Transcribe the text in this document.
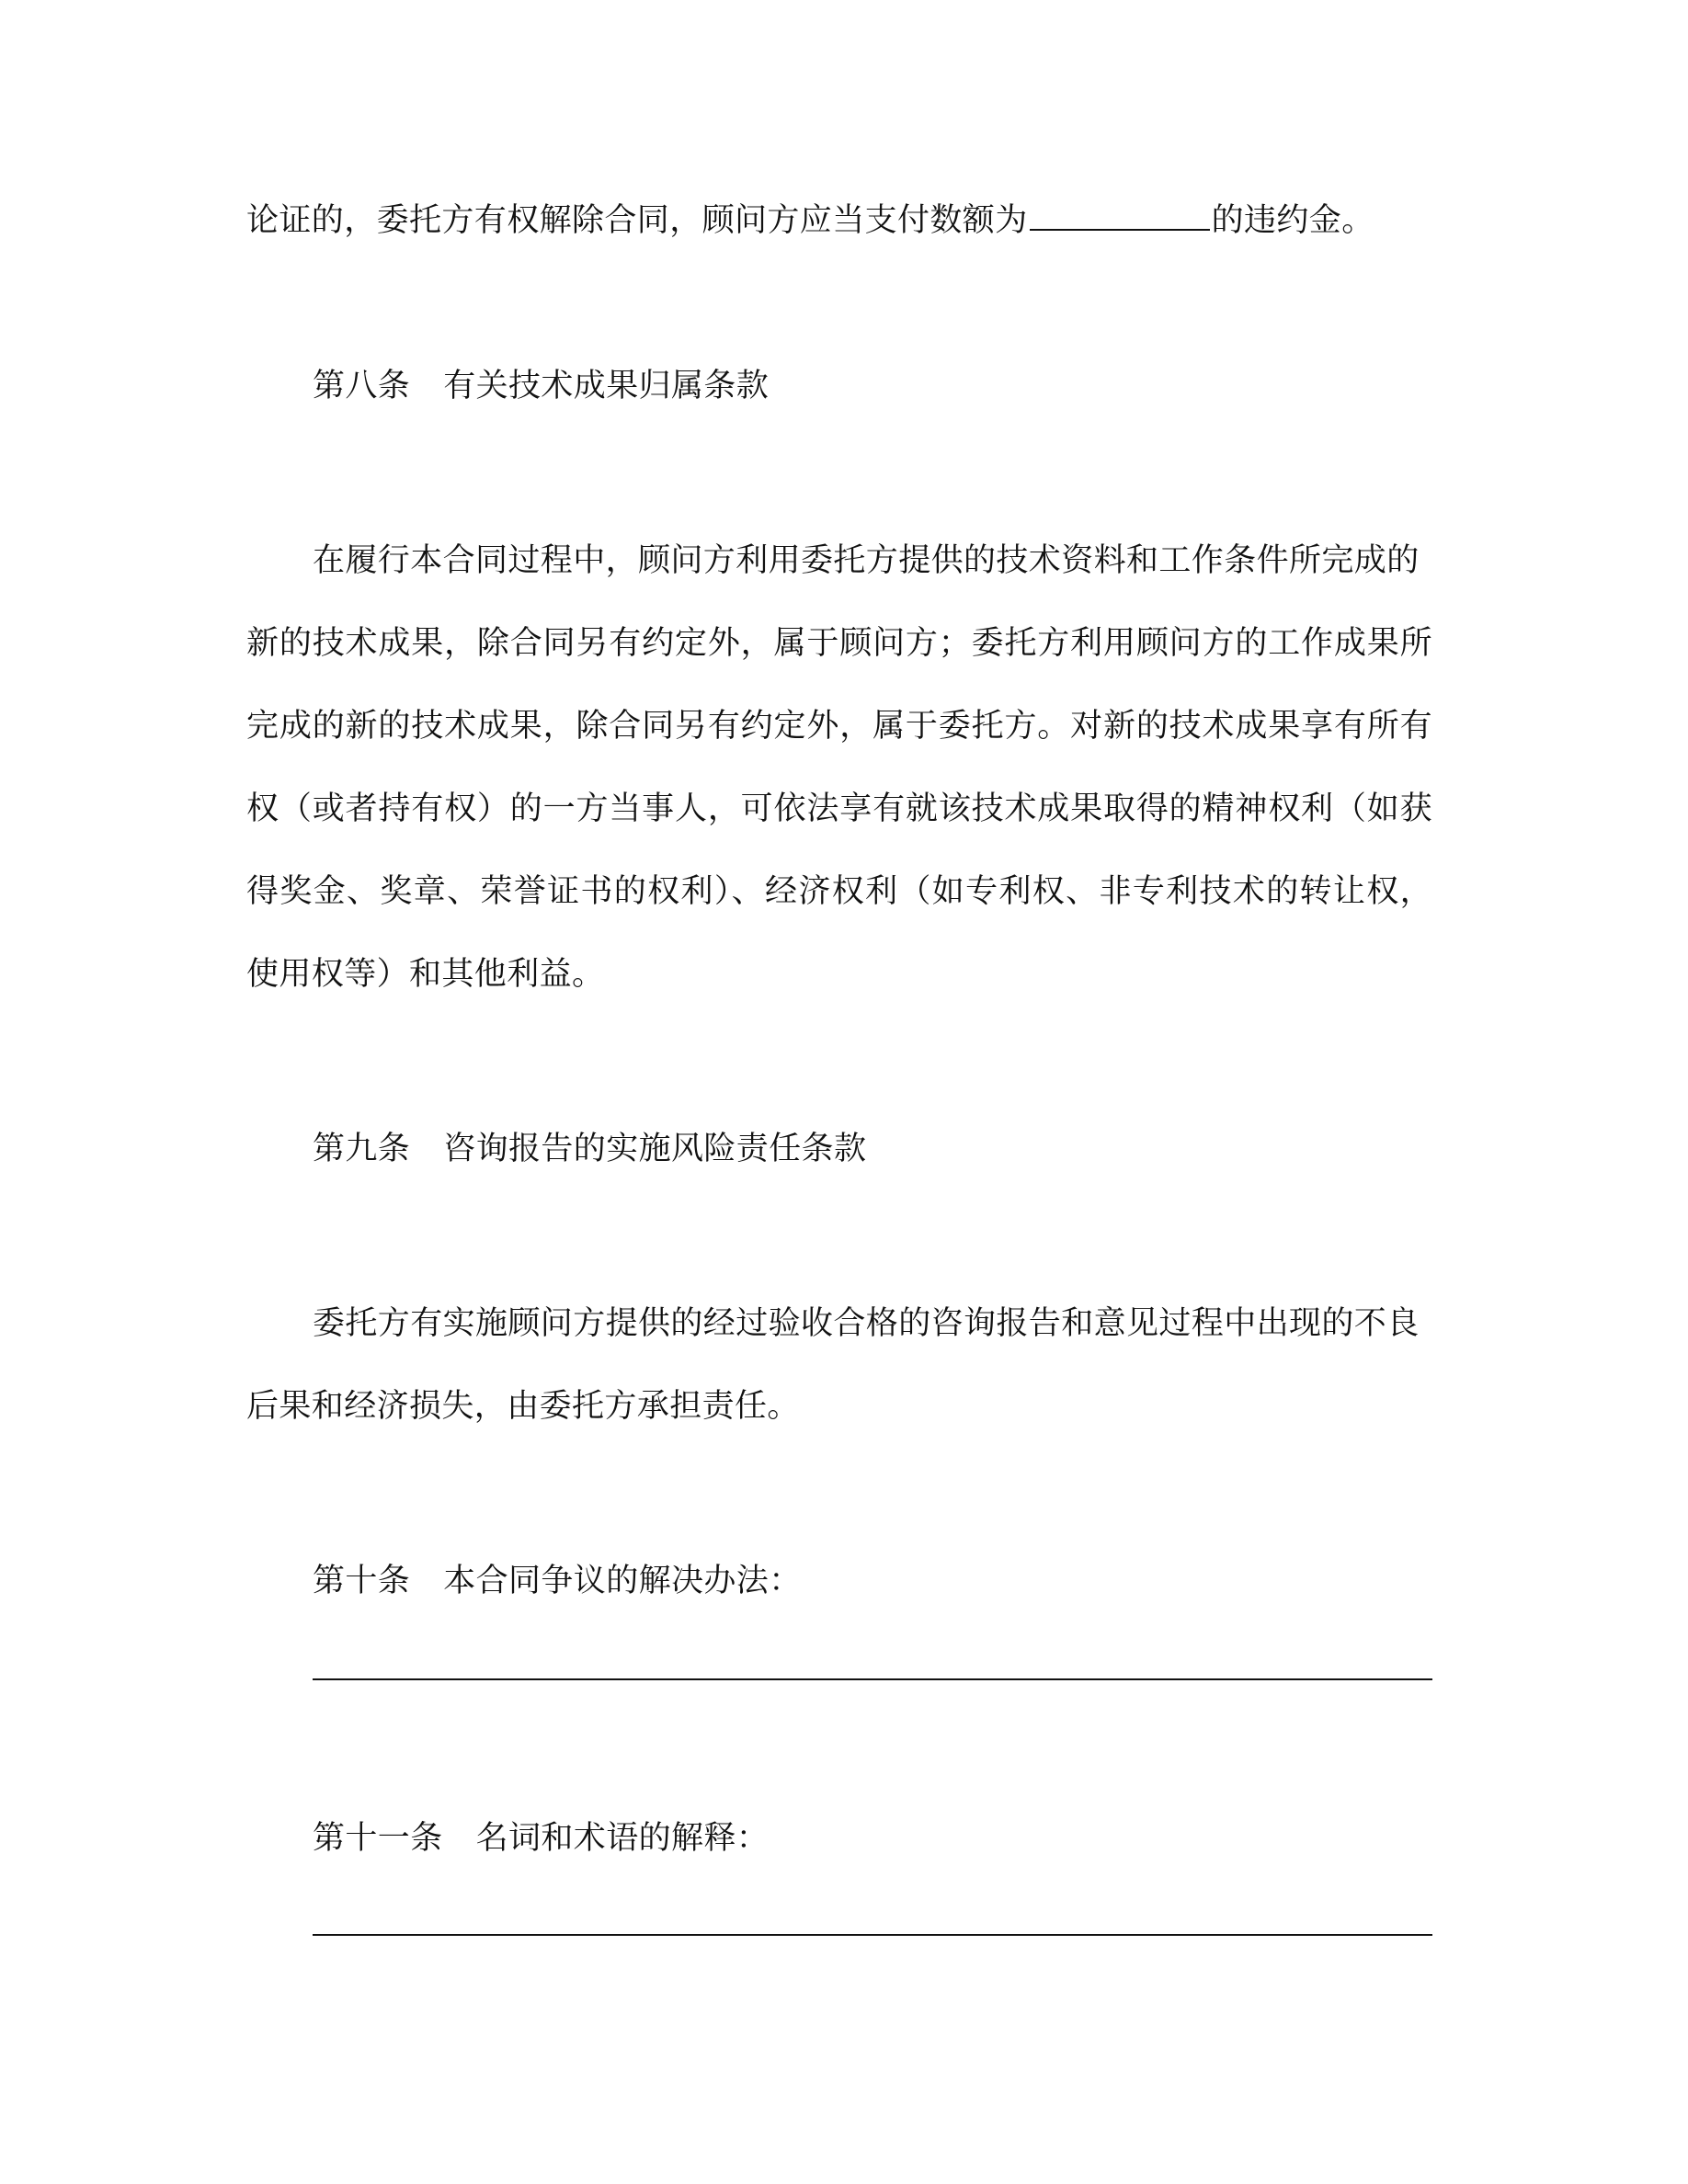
论证的，委托方有权解除合同，顾问方应当支付数额为	的违约金。
第八条 有关技术成果归属条款
在履行本合同过程中，顾问方利用委托方提供的技术资料和工作条件所完成的
新的技术成果，除合同另有约定外，属于顾问方；委托方利用顾问方的工作成果所
完成的新的技术成果，除合同另有约定外，属于委托方。对新的技术成果享有所有
权（或者持有权）的一方当事人，可依法享有就该技术成果取得的精神权利（如获
得奖金、奖章、荣誉证书的权利）、经济权利（如专利权、非专利技术的转让权，
使用权等）和其他利益。
第九条 咨询报告的实施风险责任条款
委托方有实施顾问方提供的经过验收合格的咨询报告和意见过程中出现的不良
后果和经济损失，由委托方承担责任。
第十条 本合同争议的解决办法：
第十一条 名词和术语的解释：
